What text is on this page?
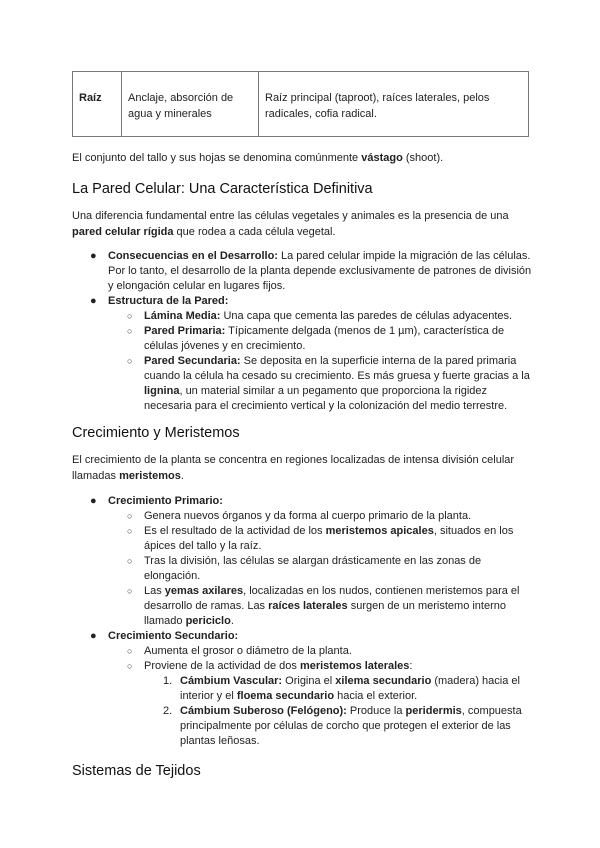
Raíz	Anclaje, absorción de agua y minerales	Raíz principal (taproot), raíces laterales, pelos radicales, cofia radical.

El conjunto del tallo y sus hojas se denomina comúnmente vástago (shoot).

La Pared Celular: Una Característica Definitiva

Una diferencia fundamental entre las células vegetales y animales es la presencia de una pared celular rígida que rodea a cada célula vegetal.

● Consecuencias en el Desarrollo: La pared celular impide la migración de las células. Por lo tanto, el desarrollo de la planta depende exclusivamente de patrones de división y elongación celular en lugares fijos.
● Estructura de la Pared:
○ Lámina Media: Una capa que cementa las paredes de células adyacentes.
○ Pared Primaria: Típicamente delgada (menos de 1 µm), característica de células jóvenes y en crecimiento.
○ Pared Secundaria: Se deposita en la superficie interna de la pared primaria cuando la célula ha cesado su crecimiento. Es más gruesa y fuerte gracias a la lignina, un material similar a un pegamento que proporciona la rigidez necesaria para el crecimiento vertical y la colonización del medio terrestre.
Crecimiento y Meristemos

El crecimiento de la planta se concentra en regiones localizadas de intensa división celular llamadas meristemos.

● Crecimiento Primario:
○ Genera nuevos órganos y da forma al cuerpo primario de la planta.
○ Es el resultado de la actividad de los meristemos apicales, situados en los ápices del tallo y la raíz.
○ Tras la división, las células se alargan drásticamente en las zonas de elongación.
○ Las yemas axilares, localizadas en los nudos, contienen meristemos para el desarrollo de ramas. Las raíces laterales surgen de un meristemo interno llamado periciclo.
● Crecimiento Secundario:
○ Aumenta el grosor o diámetro de la planta.
○ Proviene de la actividad de dos meristemos laterales:
1. Cámbium Vascular: Origina el xilema secundario (madera) hacia el interior y el floema secundario hacia el exterior.
2. Cámbium Suberoso (Felógeno): Produce la peridermis, compuesta principalmente por células de corcho que protegen el exterior de las plantas leñosas.
Sistemas de Tejidos
